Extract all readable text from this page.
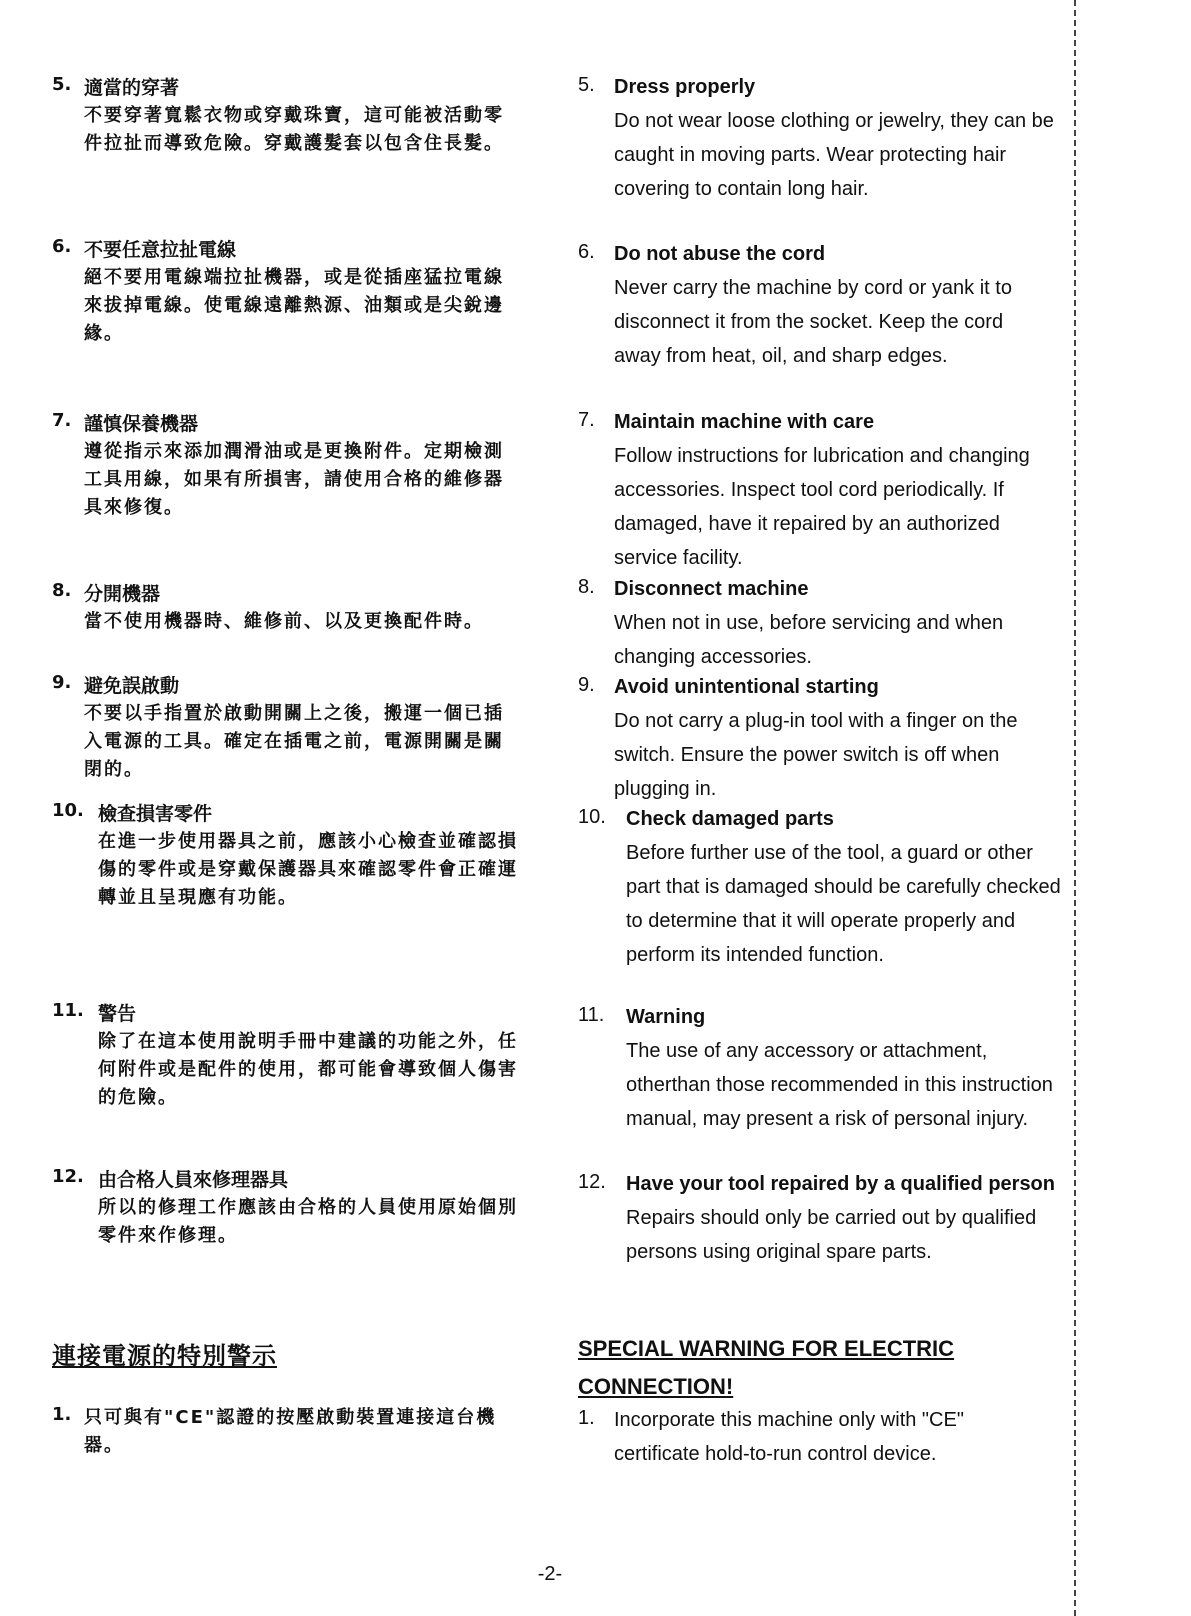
5. 適當的穿著
不要穿著寬鬆衣物或穿戴珠寶，這可能被活動零件拉扯而導致危險。穿戴護髮套以包含住長髮。
6. 不要任意拉扯電線
絕不要用電線端拉扯機器，或是從插座猛拉電線來拔掉電線。使電線遠離熱源、油類或是尖銳邊緣。
7. 謹慎保養機器
遵從指示來添加潤滑油或是更換附件。定期檢測工具用線，如果有所損害，請使用合格的維修器具來修復。
8. 分開機器
當不使用機器時、維修前、以及更換配件時。
9. 避免誤啟動
不要以手指置於啟動開關上之後，搬運一個已插入電源的工具。確定在插電之前，電源開關是關閉的。
10. 檢查損害零件
在進一步使用器具之前，應該小心檢查並確認損傷的零件或是穿戴保護器具來確認零件會正確運轉並且呈現應有功能。
11. 警告
除了在這本使用說明手冊中建議的功能之外，任何附件或是配件的使用，都可能會導致個人傷害的危險。
12. 由合格人員來修理器具
所以的修理工作應該由合格的人員使用原始個別零件來作修理。
連接電源的特別警示
1. 只可與有"CE"認證的按壓啟動裝置連接這台機器。
5. Dress properly
Do not wear loose clothing or jewelry, they can be caught in moving parts. Wear protecting hair covering to contain long hair.
6. Do not abuse the cord
Never carry the machine by cord or yank it to disconnect it from the socket. Keep the cord away from heat, oil, and sharp edges.
7. Maintain machine with care
Follow instructions for lubrication and changing accessories. Inspect tool cord periodically. If damaged, have it repaired by an authorized service facility.
8. Disconnect machine
When not in use, before servicing and when changing accessories.
9. Avoid unintentional starting
Do not carry a plug-in tool with a finger on the switch. Ensure the power switch is off when plugging in.
10. Check damaged parts
Before further use of the tool, a guard or other part that is damaged should be carefully checked to determine that it will operate properly and perform its intended function.
11. Warning
The use of any accessory or attachment, otherthan those recommended in this instruction manual, may present a risk of personal injury.
12. Have your tool repaired by a qualified person
Repairs should only be carried out by qualified persons using original spare parts.
SPECIAL WARNING FOR ELECTRIC CONNECTION!
1. Incorporate this machine only with "CE" certificate hold-to-run control device.
-2-
